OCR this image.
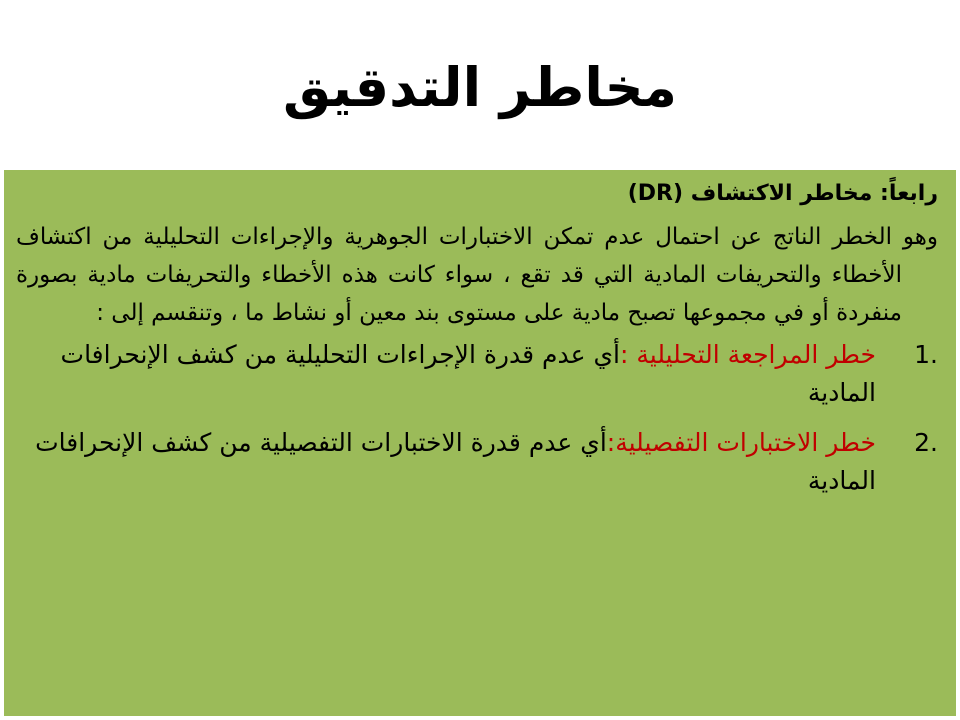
مخاطر التدقيق
رابعاً: مخاطر الاكتشاف (DR)

وهو الخطر الناتج عن احتمال عدم تمكن الاختبارات الجوهرية والإجراءات التحليلية من اكتشاف الأخطاء والتحريفات المادية التي قد تقع ، سواء كانت هذه الأخطاء والتحريفات مادية بصورة منفردة أو في مجموعها تصبح مادية على مستوى بند معين أو نشاط ما ، وتنقسم إلى :

1.
خطر المراجعة التحليلية :أي عدم قدرة الإجراءات التحليلية من كشف الإنحرافات المادية
2.
خطر الاختبارات التفصيلية:أي عدم قدرة الاختبارات التفصيلية من كشف الإنحرافات المادية
